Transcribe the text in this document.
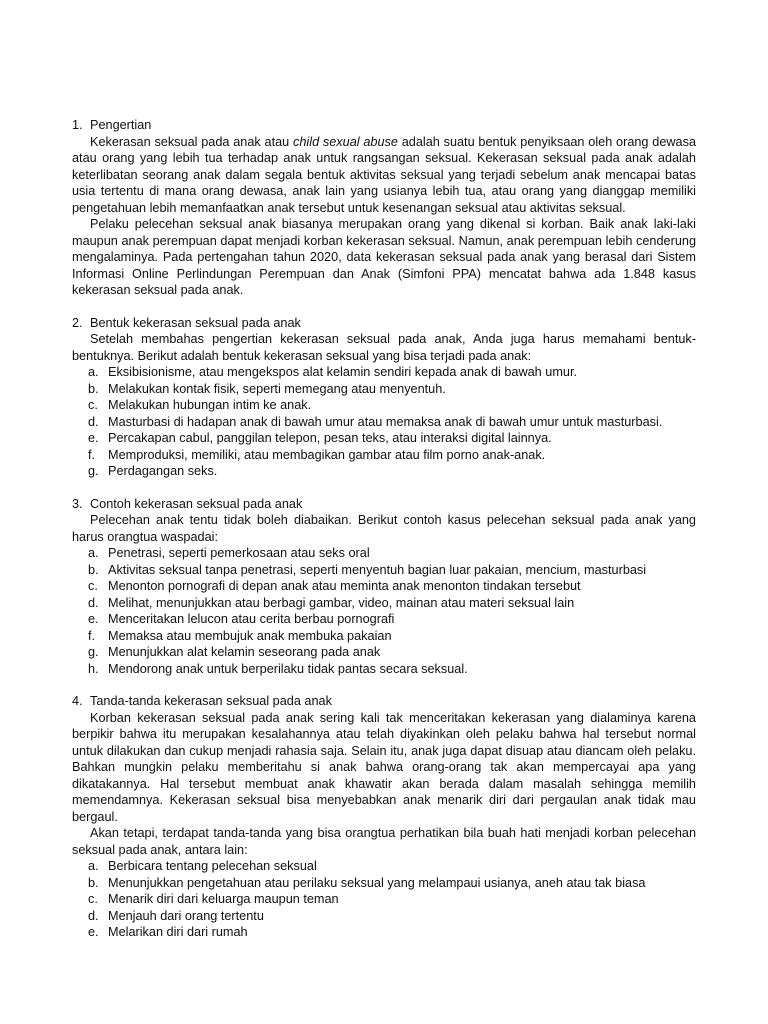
1. Pengertian

Kekerasan seksual pada anak atau child sexual abuse adalah suatu bentuk penyiksaan oleh orang dewasa atau orang yang lebih tua terhadap anak untuk rangsangan seksual. Kekerasan seksual pada anak adalah keterlibatan seorang anak dalam segala bentuk aktivitas seksual yang terjadi sebelum anak mencapai batas usia tertentu di mana orang dewasa, anak lain yang usianya lebih tua, atau orang yang dianggap memiliki pengetahuan lebih memanfaatkan anak tersebut untuk kesenangan seksual atau aktivitas seksual.

Pelaku pelecehan seksual anak biasanya merupakan orang yang dikenal si korban. Baik anak laki-laki maupun anak perempuan dapat menjadi korban kekerasan seksual. Namun, anak perempuan lebih cenderung mengalaminya. Pada pertengahan tahun 2020, data kekerasan seksual pada anak yang berasal dari Sistem Informasi Online Perlindungan Perempuan dan Anak (Simfoni PPA) mencatat bahwa ada 1.848 kasus kekerasan seksual pada anak.

2. Bentuk kekerasan seksual pada anak

Setelah membahas pengertian kekerasan seksual pada anak, Anda juga harus memahami bentuk-bentuknya. Berikut adalah bentuk kekerasan seksual yang bisa terjadi pada anak:

a. Eksibisionisme, atau mengekspos alat kelamin sendiri kepada anak di bawah umur.
b. Melakukan kontak fisik, seperti memegang atau menyentuh.
c. Melakukan hubungan intim ke anak.
d. Masturbasi di hadapan anak di bawah umur atau memaksa anak di bawah umur untuk masturbasi.
e. Percakapan cabul, panggilan telepon, pesan teks, atau interaksi digital lainnya.
f.	Memproduksi, memiliki, atau membagikan gambar atau film porno anak-anak.
g. Perdagangan seks.

3. Contoh kekerasan seksual pada anak

Pelecehan anak tentu tidak boleh diabaikan. Berikut contoh kasus pelecehan seksual pada anak yang harus orangtua waspadai:

a. Penetrasi, seperti pemerkosaan atau seks oral
b. Aktivitas seksual tanpa penetrasi, seperti menyentuh bagian luar pakaian, mencium, masturbasi
c. Menonton pornografi di depan anak atau meminta anak menonton tindakan tersebut
d. Melihat, menunjukkan atau berbagi gambar, video, mainan atau materi seksual lain
e. Menceritakan lelucon atau cerita berbau pornografi
f.	Memaksa atau membujuk anak membuka pakaian
g. Menunjukkan alat kelamin seseorang pada anak
h. Mendorong anak untuk berperilaku tidak pantas secara seksual.

4. Tanda-tanda kekerasan seksual pada anak

Korban kekerasan seksual pada anak sering kali tak menceritakan kekerasan yang dialaminya karena berpikir bahwa itu merupakan kesalahannya atau telah diyakinkan oleh pelaku bahwa hal tersebut normal untuk dilakukan dan cukup menjadi rahasia saja. Selain itu, anak juga dapat disuap atau diancam oleh pelaku. Bahkan mungkin pelaku memberitahu si anak bahwa orang-orang tak akan mempercayai apa yang dikatakannya. Hal tersebut membuat anak khawatir akan berada dalam masalah sehingga memilih memendamnya. Kekerasan seksual bisa menyebabkan anak menarik diri dari pergaulan anak tidak mau bergaul.

Akan tetapi, terdapat tanda-tanda yang bisa orangtua perhatikan bila buah hati menjadi korban pelecehan seksual pada anak, antara lain:

a. Berbicara tentang pelecehan seksual
b. Menunjukkan pengetahuan atau perilaku seksual yang melampaui usianya, aneh atau tak biasa
c. Menarik diri dari keluarga maupun teman
d. Menjauh dari orang tertentu
e. Melarikan diri dari rumah
